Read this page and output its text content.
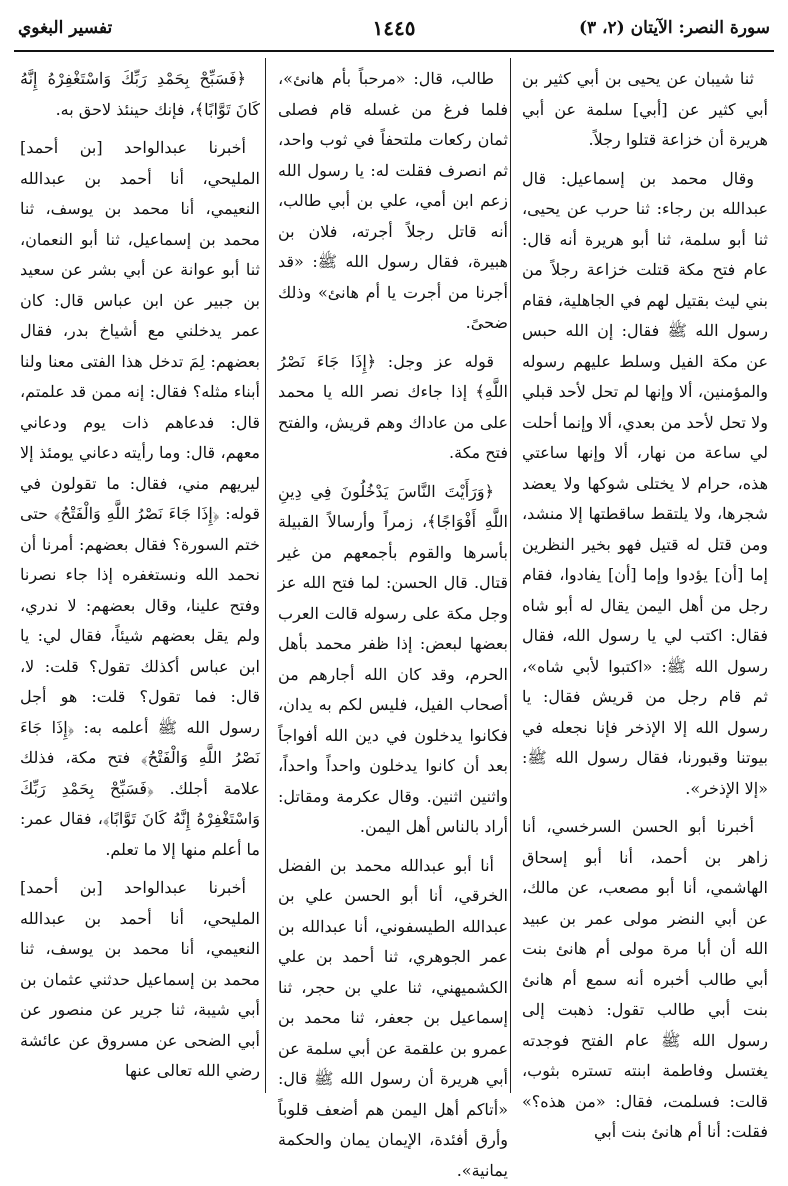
سورة النصر: الآيتان (٢، ٣)
١٤٤٥
تفسير البغوي

ثنا شيبان عن يحيى بن أبي كثير بن أبي كثير عن [أبي] سلمة عن أبي هريرة أن خزاعة قتلوا رجلاً.

وقال محمد بن إسماعيل: قال عبدالله بن رجاء: ثنا حرب عن يحيى، ثنا أبو سلمة، ثنا أبو هريرة أنه قال: عام فتح مكة قتلت خزاعة رجلاً من بني ليث بقتيل لهم في الجاهلية، فقام رسول الله ﷺ فقال: إن الله حبس عن مكة الفيل وسلط عليهم رسوله والمؤمنين، ألا وإنها لم تحل لأحد قبلي ولا تحل لأحد من بعدي، ألا وإنما أحلت لي ساعة من نهار، ألا وإنها ساعتي هذه، حرام لا يختلى شوكها ولا يعضد شجرها، ولا يلتقط ساقطتها إلا منشد، ومن قتل له قتيل فهو بخير النظرين إما [أن] يؤدوا وإما [أن] يفادوا، فقام رجل من أهل اليمن يقال له أبو شاه فقال: اكتب لي يا رسول الله، فقال رسول الله ﷺ: «اكتبوا لأبي شاه»، ثم قام رجل من قريش فقال: يا رسول الله إلا الإذخر فإنا نجعله في بيوتنا وقبورنا، فقال رسول الله ﷺ: «إلا الإذخر».

أخبرنا أبو الحسن السرخسي، أنا زاهر بن أحمد، أنا أبو إسحاق الهاشمي، أنا أبو مصعب، عن مالك، عن أبي النضر مولى عمر بن عبيد الله أن أبا مرة مولى أم هانئ بنت أبي طالب أخبره أنه سمع أم هانئ بنت أبي طالب تقول: ذهبت إلى رسول الله ﷺ عام الفتح فوجدته يغتسل وفاطمة ابنته تستره بثوب، قالت: فسلمت، فقال: «من هذه؟» فقلت: أنا أم هانئ بنت أبي

طالب، قال: «مرحباً بأم هانئ»، فلما فرغ من غسله قام فصلى ثمان ركعات ملتحفاً في ثوب واحد، ثم انصرف فقلت له: يا رسول الله زعم ابن أمي، علي بن أبي طالب، أنه قاتل رجلاً أجرته، فلان بن هبيرة، فقال رسول الله ﷺ: «قد أجرنا من أجرت يا أم هانئ» وذلك ضحىً.

قوله عز وجل: ﴿إِذَا جَاءَ نَصْرُ اللَّهِ﴾ إذا جاءك نصر الله يا محمد على من عاداك وهم قريش، والفتح فتح مكة.

﴿وَرَأَيْتَ النَّاسَ يَدْخُلُونَ فِي دِينِ اللَّهِ أَفْوَاجًا﴾، زمراً وأرسالاً القبيلة بأسرها والقوم بأجمعهم من غير قتال. قال الحسن: لما فتح الله عز وجل مكة على رسوله قالت العرب بعضها لبعض: إذا ظفر محمد بأهل الحرم، وقد كان الله أجارهم من أصحاب الفيل، فليس لكم به يدان، فكانوا يدخلون في دين الله أفواجاً بعد أن كانوا يدخلون واحداً واحداً، واثنين اثنين. وقال عكرمة ومقاتل: أراد بالناس أهل اليمن.

أنا أبو عبدالله محمد بن الفضل الخرقي، أنا أبو الحسن علي بن عبدالله الطيسفوني، أنا عبدالله بن عمر الجوهري، ثنا أحمد بن علي الكشميهني، ثنا علي بن حجر، ثنا إسماعيل بن جعفر، ثنا محمد بن عمرو بن علقمة عن أبي سلمة عن أبي هريرة أن رسول الله ﷺ قال: «أتاكم أهل اليمن هم أضعف قلوباً وأرق أفئدة، الإيمان يمان والحكمة يمانية».

﴿فَسَبِّحْ بِحَمْدِ رَبِّكَ وَاسْتَغْفِرْهُ إِنَّهُ كَانَ تَوَّابًا﴾، فإنك حينئذ لاحق به.

أخبرنا عبدالواحد [بن أحمد] المليحي، أنا أحمد بن عبدالله النعيمي، أنا محمد بن يوسف، ثنا محمد بن إسماعيل، ثنا أبو النعمان، ثنا أبو عوانة عن أبي بشر عن سعيد بن جبير عن ابن عباس قال: كان عمر يدخلني مع أشياخ بدر، فقال بعضهم: لِمَ تدخل هذا الفتى معنا ولنا أبناء مثله؟ فقال: إنه ممن قد علمتم، قال: فدعاهم ذات يوم ودعاني معهم، قال: وما رأيته دعاني يومئذ إلا ليريهم مني، فقال: ما تقولون في قوله: ﴿إِذَا جَاءَ نَصْرُ اللَّهِ وَالْفَتْحُ﴾ حتى ختم السورة؟ فقال بعضهم: أمرنا أن نحمد الله ونستغفره إذا جاء نصرنا وفتح علينا، وقال بعضهم: لا ندري، ولم يقل بعضهم شيئاً، فقال لي: يا ابن عباس أكذلك تقول؟ قلت: لا، قال: فما تقول؟ قلت: هو أجل رسول الله ﷺ أعلمه به: ﴿إِذَا جَاءَ نَصْرُ اللَّهِ وَالْفَتْحُ﴾ فتح مكة، فذلك علامة أجلك. ﴿فَسَبِّحْ بِحَمْدِ رَبِّكَ وَاسْتَغْفِرْهُ إِنَّهُ كَانَ تَوَّابًا﴾، فقال عمر: ما أعلم منها إلا ما تعلم.

أخبرنا عبدالواحد [بن أحمد] المليحي، أنا أحمد بن عبدالله النعيمي، أنا محمد بن يوسف، ثنا محمد بن إسماعيل حدثني عثمان بن أبي شيبة، ثنا جرير عن منصور عن أبي الضحى عن مسروق عن عائشة رضي الله تعالى عنها
